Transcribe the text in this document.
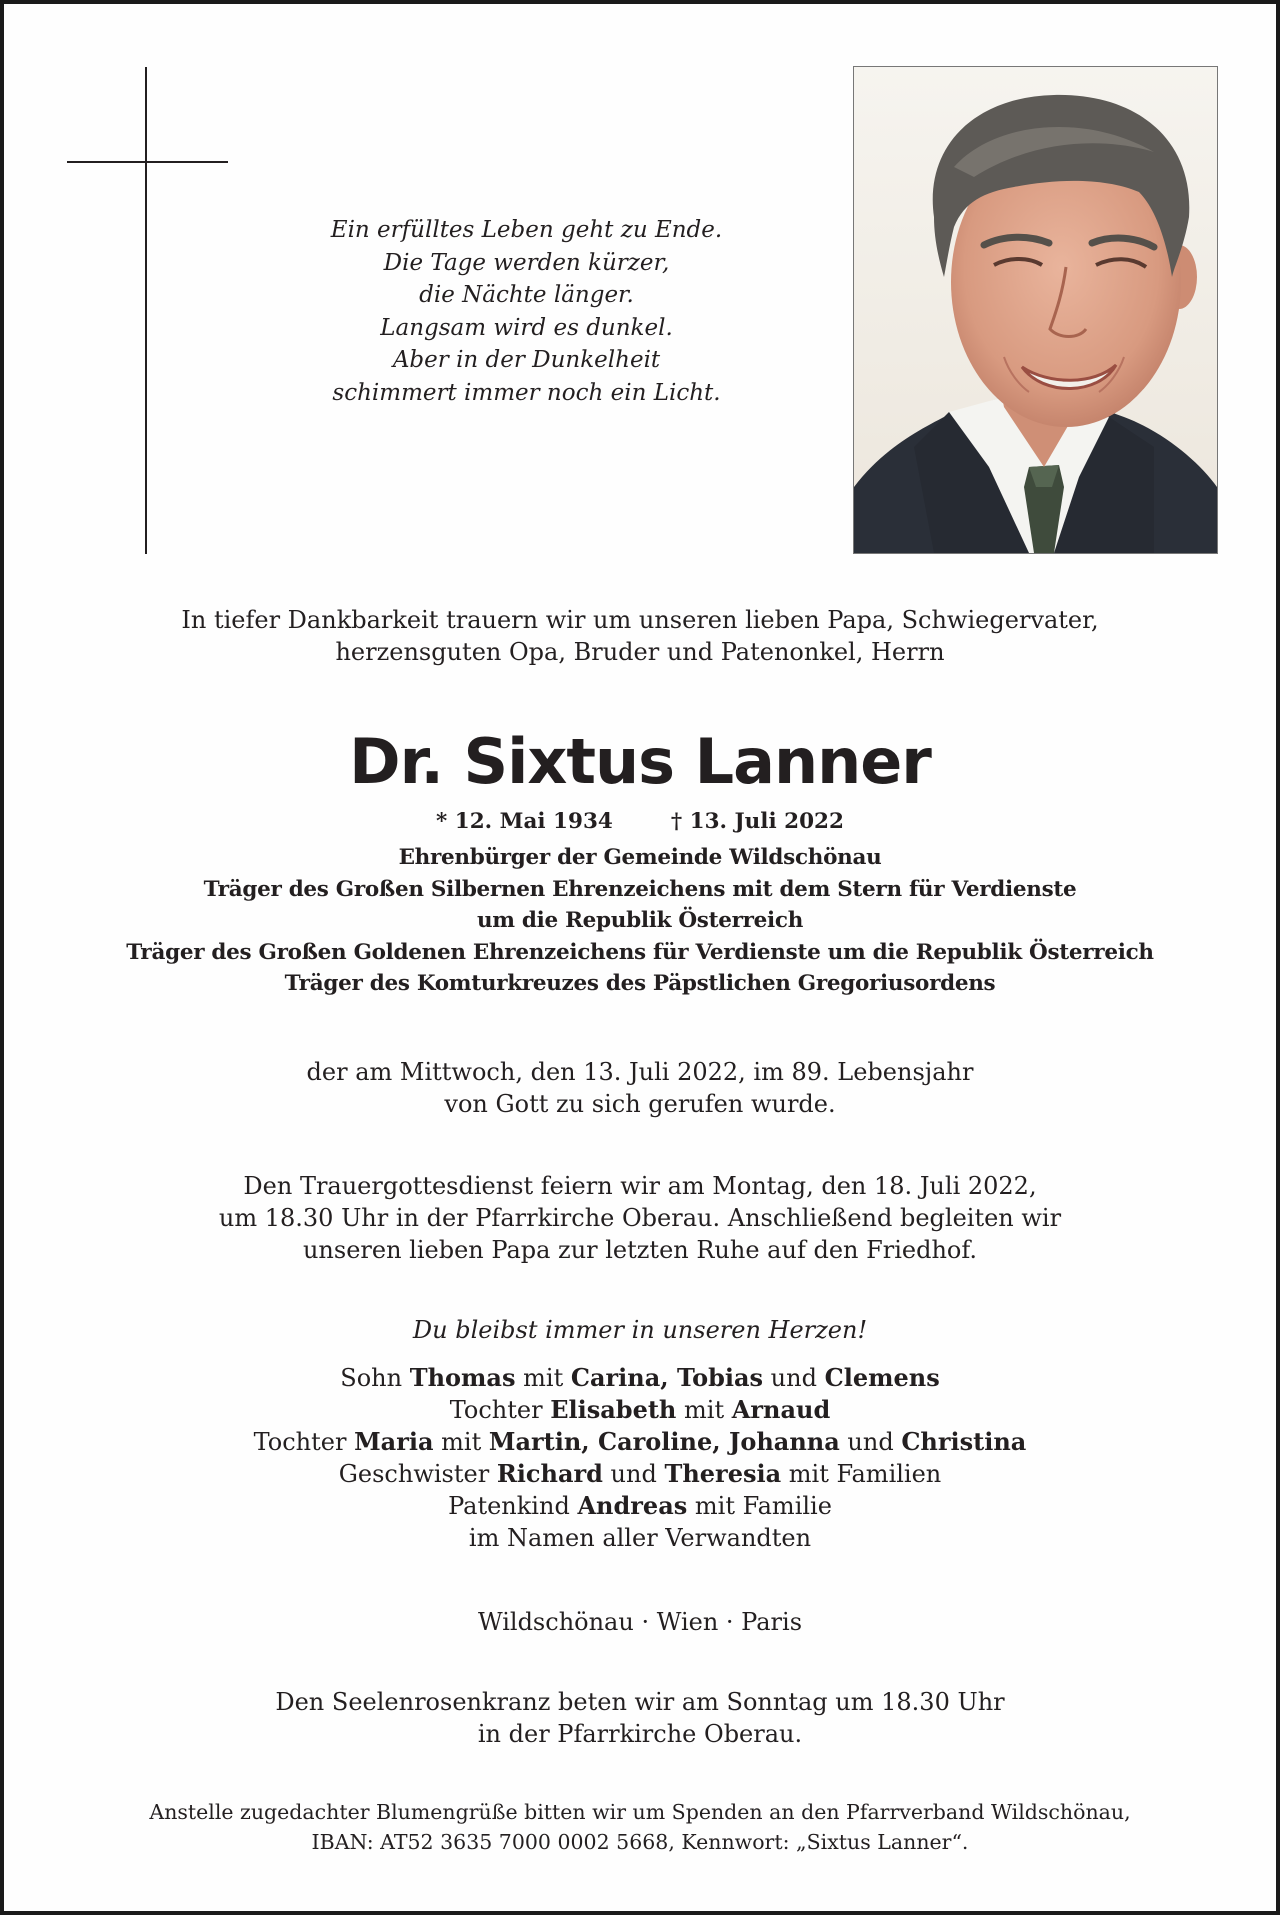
Ein erfülltes Leben geht zu Ende.
Die Tage werden kürzer,
die Nächte länger.
Langsam wird es dunkel.
Aber in der Dunkelheit
schimmert immer noch ein Licht.
In tiefer Dankbarkeit trauern wir um unseren lieben Papa, Schwiegervater,
herzensguten Opa, Bruder und Patenonkel, Herrn
Dr. Sixtus Lanner
* 12. Mai 1934	† 13. Juli 2022
Ehrenbürger der Gemeinde Wildschönau
Träger des Großen Silbernen Ehrenzeichens mit dem Stern für Verdienste
um die Republik Österreich
Träger des Großen Goldenen Ehrenzeichens für Verdienste um die Republik Österreich
Träger des Komturkreuzes des Päpstlichen Gregoriusordens
der am Mittwoch, den 13. Juli 2022, im 89. Lebensjahr
von Gott zu sich gerufen wurde.
Den Trauergottesdienst feiern wir am Montag, den 18. Juli 2022,
um 18.30 Uhr in der Pfarrkirche Oberau. Anschließend begleiten wir
unseren lieben Papa zur letzten Ruhe auf den Friedhof.
Du bleibst immer in unseren Herzen!
Sohn Thomas mit Carina, Tobias und Clemens
Tochter Elisabeth mit Arnaud
Tochter Maria mit Martin, Caroline, Johanna und Christina
Geschwister Richard und Theresia mit Familien
Patenkind Andreas mit Familie
im Namen aller Verwandten
Wildschönau · Wien · Paris
Den Seelenrosenkranz beten wir am Sonntag um 18.30 Uhr
in der Pfarrkirche Oberau.
Anstelle zugedachter Blumengrüße bitten wir um Spenden an den Pfarrverband Wildschönau,
IBAN: AT52 3635 7000 0002 5668, Kennwort: „Sixtus Lanner“.
